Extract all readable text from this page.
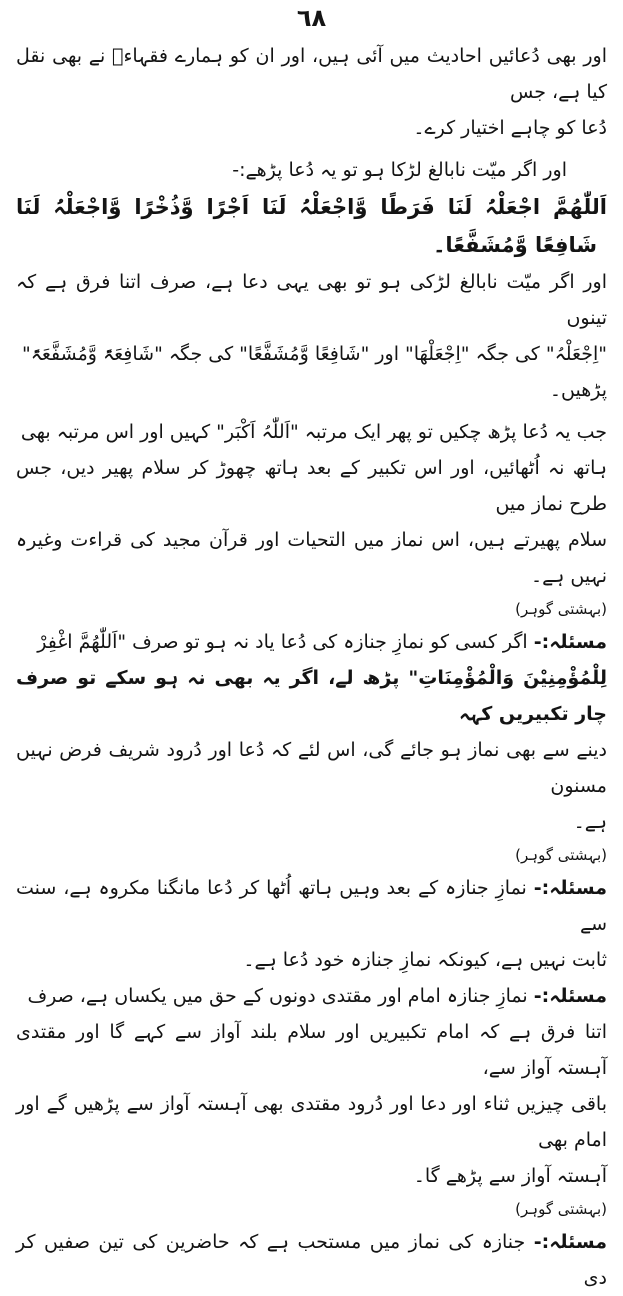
٦٨

اور بھی دُعائیں احادیث میں آئی ہیں، اور ان کو ہمارے فقہاءؒ نے بھی نقل کیا ہے، جس

دُعا کو چاہے اختیار کرے۔

اور اگر میّت نابالغ لڑکا ہو تو یہ دُعا پڑھے:-

اَللّٰھُمَّ اجْعَلْہُ لَنَا فَرَطًا وَّاجْعَلْہُ لَنَا اَجْرًا وَّذُخْرًا وَّاجْعَلْہُ لَنَا

شَافِعًا وَّمُشَفَّعًا۔

اور اگر میّت نابالغ لڑکی ہو تو بھی یہی دعا ہے، صرف اتنا فرق ہے کہ تینوں

"اِجْعَلْہُ" کی جگہ "اِجْعَلْھَا" اور "شَافِعًا وَّمُشَفَّعًا" کی جگہ "شَافِعَۃً وَّمُشَفَّعَۃً"

پڑھیں۔

جب یہ دُعا پڑھ چکیں تو پھر ایک مرتبہ "اَللّٰہُ اَکْبَر" کہیں اور اس مرتبہ بھی

ہاتھ نہ اُٹھائیں، اور اس تکبیر کے بعد ہاتھ چھوڑ کر سلام پھیر دیں، جس طرح نماز میں

سلام پھیرتے ہیں، اس نماز میں التحیات اور قرآن مجید کی قراءت وغیرہ نہیں ہے۔

(بہشتی گوہر)

مسئلہ:- اگر کسی کو نمازِ جنازہ کی دُعا یاد نہ ہو تو صرف "اَللّٰھُمَّ اغْفِرْ

لِلْمُؤْمِنِیْنَ وَالْمُؤْمِنَاتِ" پڑھ لے، اگر یہ بھی نہ ہو سکے تو صرف چار تکبیریں کہہ

دینے سے بھی نماز ہو جائے گی، اس لئے کہ دُعا اور دُرود شریف فرض نہیں مسنون

ہے۔

(بہشتی گوہر)

مسئلہ:- نمازِ جنازہ کے بعد وہیں ہاتھ اُٹھا کر دُعا مانگنا مکروہ ہے، سنت سے

ثابت نہیں ہے، کیونکہ نمازِ جنازہ خود دُعا ہے۔

مسئلہ:- نمازِ جنازہ امام اور مقتدی دونوں کے حق میں یکساں ہے، صرف

اتنا فرق ہے کہ امام تکبیریں اور سلام بلند آواز سے کہے گا اور مقتدی آہستہ آواز سے،

باقی چیزیں ثناء اور دعا اور دُرود مقتدی بھی آہستہ آواز سے پڑھیں گے اور امام بھی

آہستہ آواز سے پڑھے گا۔

(بہشتی گوہر)

مسئلہ:- جنازہ کی نماز میں مستحب ہے کہ حاضرین کی تین صفیں کر دی
